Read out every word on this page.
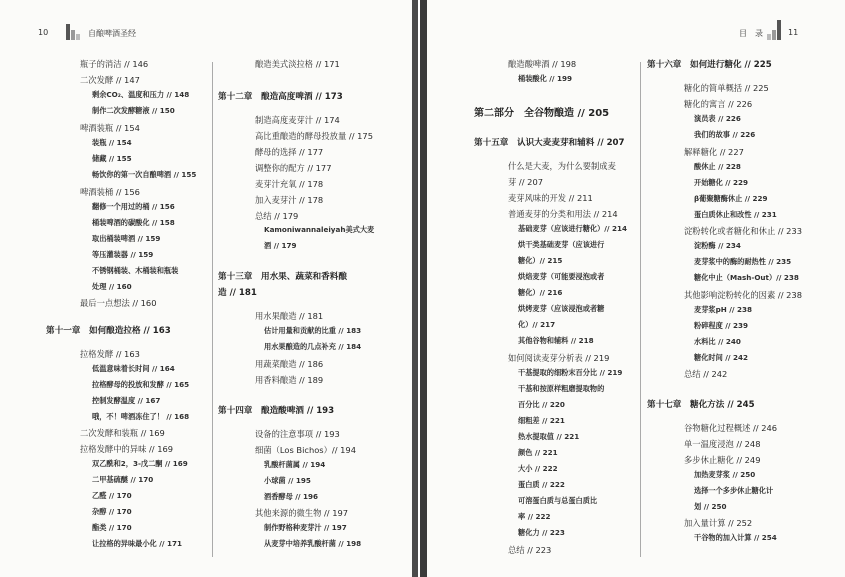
10	自酿啤酒圣经	目　录	11
瓶子的消洁 // 146
二次发酵 // 147
剩余CO₂、温度和压力 // 148
制作二次发酵糖液 // 150
啤酒装瓶 // 154
装瓶 // 154
储藏 // 155
畅饮你的第一次自酿啤酒 // 155
啤酒装桶 // 156
翻修一个用过的桶 // 156
桶装啤酒的碳酸化 // 158
取出桶装啤酒 // 159
等压灌装器 // 159
不锈钢桶装、木桶装和瓶装
处理 // 160
最后一点想法 // 160
第十一章　如何酿造拉格 // 163
拉格发酵 // 163
低温意味着长时间 // 164
拉格酵母的投放和发酵 // 165
控制发酵温度 // 167
哦，不！啤酒冻住了！ // 168
二次发酵和装瓶 // 169
拉格发酵中的异味 // 169
双乙酰和2，3-戊二酮 // 169
二甲基硫醚 // 170
乙醛 // 170
杂醇 // 170
酯类 // 170
让拉格的异味最小化 // 171
酿造美式淡拉格 // 171
第十二章　酿造高度啤酒 // 173
制造高度麦芽汁 // 174
高比重酿造的酵母投放量 // 175
酵母的选择 // 177
调整你的配方 // 177
麦芽汁充氧 // 178
加入麦芽汁 // 178
总结 // 179
Kamoniwannaleiyah美式大麦
酒 // 179
第十三章　用水果、蔬菜和香料酿
造 // 181
用水果酿造 // 181
估计用量和贡献的比重 // 183
用水果酿造的几点补充 // 184
用蔬菜酿造 // 186
用香料酿造 // 189
第十四章　酿造酸啤酒 // 193
设备的注意事项 // 193
细菌（Los Bichos）// 194
乳酸杆菌属 // 194
小球菌 // 195
酒香酵母 // 196
其他来源的微生物 // 197
制作野格种麦芽汁 // 197
从麦芽中培养乳酸杆菌 // 198
酿造酸啤酒 // 198
桶装酸化 // 199
第二部分　全谷物酿造 // 205
第十五章　认识大麦麦芽和辅料 // 207
什么是大麦，为什么要制成麦
芽 // 207
麦芽风味的开发 // 211
普通麦芽的分类和用法 // 214
基础麦芽（应该进行糖化）// 214
烘干类基础麦芽（应该进行
糖化）// 215
烘焙麦芽（可能要浸泡或者
糖化）// 216
烘烤麦芽（应该浸泡或者糖
化）// 217
其他谷物和辅料 // 218
如何阅读麦芽分析表 // 219
干基提取的细粉末百分比 // 219
干基和按原样粗磨提取物的
百分比 // 220
细粗差 // 221
热水提取值 // 221
颜色 // 221
大小 // 222
蛋白质 // 222
可溶蛋白质与总蛋白质比
率 // 222
糖化力 // 223
总结 // 223
第十六章　如何进行糖化 // 225
糖化的简单概括 // 225
糖化的寓言 // 226
演员表 // 226
我们的故事 // 226
解释糖化 // 227
酸休止 // 228
开始糖化 // 229
β葡聚糖酶休止 // 229
蛋白质休止和改性 // 231
淀粉转化或者糖化和休止 // 233
淀粉酶 // 234
麦芽浆中的酶的耐热性 // 235
糖化中止（Mash-Out）// 238
其他影响淀粉转化的因素 // 238
麦芽浆pH // 238
粉碎程度 // 239
水料比 // 240
糖化时间 // 242
总结 // 242
第十七章　糖化方法 // 245
谷物糖化过程概述 // 246
单一温度浸泡 // 248
多步休止糖化 // 249
加热麦芽浆 // 250
选择一个多步休止糖化计
划 // 250
加入量计算 // 252
干谷物的加入计算 // 254
